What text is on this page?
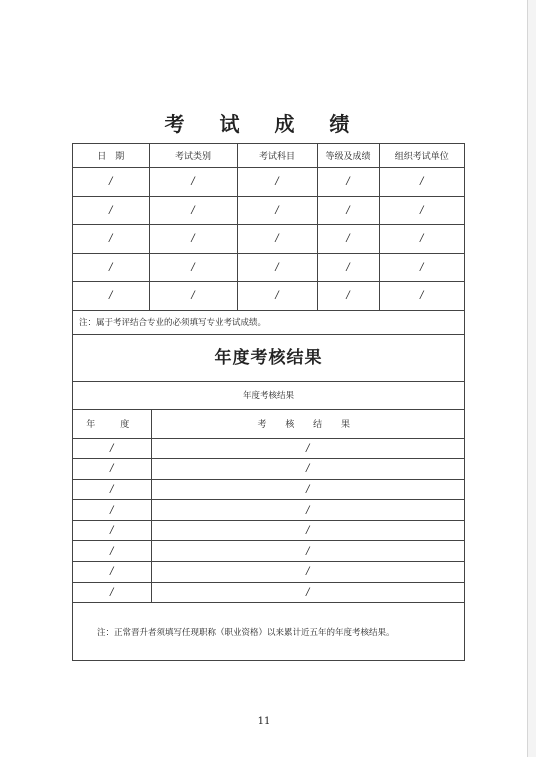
考 试 成 绩
日　期	考试类别	考试科目	等级及成绩	组织考试单位
/	/	/	/	/
/	/	/	/	/
/	/	/	/	/
/	/	/	/	/
/	/	/	/	/
注：属于考评结合专业的必须填写专业考试成绩。
年度考核结果
年度考核结果
年　度	考 核 结 果
/	/
/	/
/	/
/	/
/	/
/	/
/	/
/	/
注：正常晋升者须填写任现职称（职业资格）以来累计近五年的年度考核结果。
11
